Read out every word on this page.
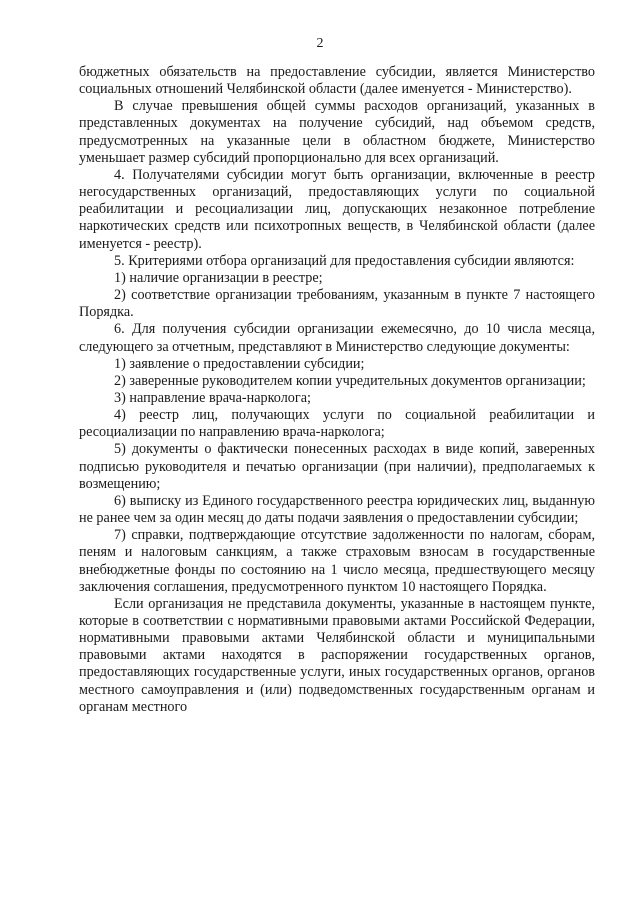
2

бюджетных обязательств на предоставление субсидии, является Министерство социальных отношений Челябинской области (далее именуется - Министерство).

В случае превышения общей суммы расходов организаций, указанных в представленных документах на получение субсидий, над объемом средств, предусмотренных на указанные цели в областном бюджете, Министерство уменьшает размер субсидий пропорционально для всех организаций.

4. Получателями субсидии могут быть организации, включенные в реестр негосударственных организаций, предоставляющих услуги по социальной реабилитации и ресоциализации лиц, допускающих незаконное потребление наркотических средств или психотропных веществ, в Челябинской области (далее именуется - реестр).

5. Критериями отбора организаций для предоставления субсидии являются:

1) наличие организации в реестре;

2) соответствие организации требованиям, указанным в пункте 7 настоящего Порядка.

6. Для получения субсидии организации ежемесячно, до 10 числа месяца, следующего за отчетным, представляют в Министерство следующие документы:

1) заявление о предоставлении субсидии;

2) заверенные руководителем копии учредительных документов организации;

3) направление врача-нарколога;

4) реестр лиц, получающих услуги по социальной реабилитации и ресоциализации по направлению врача-нарколога;

5) документы о фактически понесенных расходах в виде копий, заверенных подписью руководителя и печатью организации (при наличии), предполагаемых к возмещению;

6) выписку из Единого государственного реестра юридических лиц, выданную не ранее чем за один месяц до даты подачи заявления о предоставлении субсидии;

7) справки, подтверждающие отсутствие задолженности по налогам, сборам, пеням и налоговым санкциям, а также страховым взносам в государственные внебюджетные фонды по состоянию на 1 число месяца, предшествующего месяцу заключения соглашения, предусмотренного пунктом 10 настоящего Порядка.

Если организация не представила документы, указанные в настоящем пункте, которые в соответствии с нормативными правовыми актами Российской Федерации, нормативными правовыми актами Челябинской области и муниципальными правовыми актами находятся в распоряжении государственных органов, предоставляющих государственные услуги, иных государственных органов, органов местного самоуправления и (или) подведомственных государственным органам и органам местного
